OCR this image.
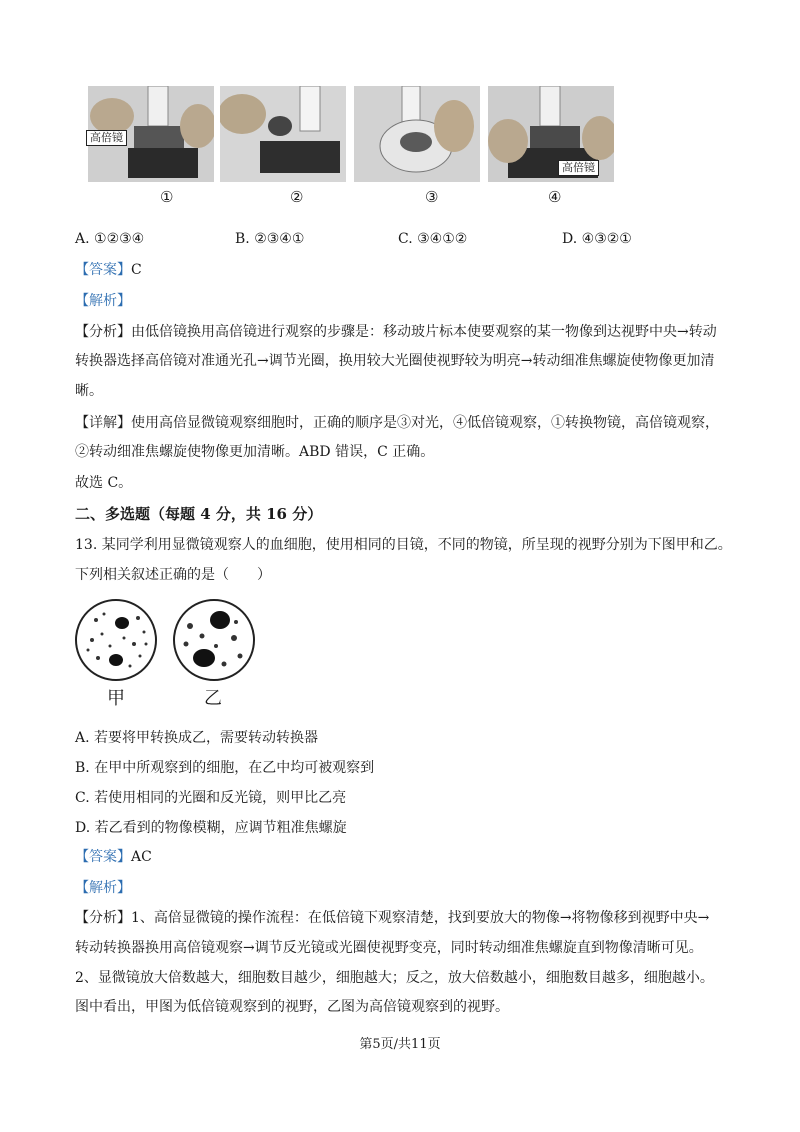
高倍镜
高倍镜
①	②	③	④
A. ①②③④	B. ②③④①	C. ③④①②	D. ④③②①
【答案】C
【解析】
【分析】由低倍镜换用高倍镜进行观察的步骤是：移动玻片标本使要观察的某一物像到达视野中央→转动
转换器选择高倍镜对准通光孔→调节光圈，换用较大光圈使视野较为明亮→转动细准焦螺旋使物像更加清
晰。
【详解】使用高倍显微镜观察细胞时，正确的顺序是③对光，④低倍镜观察，①转换物镜，高倍镜观察，
②转动细准焦螺旋使物像更加清晰。ABD 错误，C 正确。
故选 C。
二、多选题（每题 4 分，共 16 分）
13. 某同学利用显微镜观察人的血细胞，使用相同的目镜，不同的物镜，所呈现的视野分别为下图甲和乙。
下列相关叙述正确的是（　　）
甲	乙
A. 若要将甲转换成乙，需要转动转换器
B. 在甲中所观察到的细胞，在乙中均可被观察到
C. 若使用相同的光圈和反光镜，则甲比乙亮
D. 若乙看到的物像模糊，应调节粗准焦螺旋
【答案】AC
【解析】
【分析】1、高倍显微镜的操作流程：在低倍镜下观察清楚，找到要放大的物像→将物像移到视野中央→
转动转换器换用高倍镜观察→调节反光镜或光圈使视野变亮，同时转动细准焦螺旋直到物像清晰可见。
2、显微镜放大倍数越大，细胞数目越少，细胞越大；反之，放大倍数越小，细胞数目越多，细胞越小。
图中看出，甲图为低倍镜观察到的视野，乙图为高倍镜观察到的视野。
第5页/共11页
